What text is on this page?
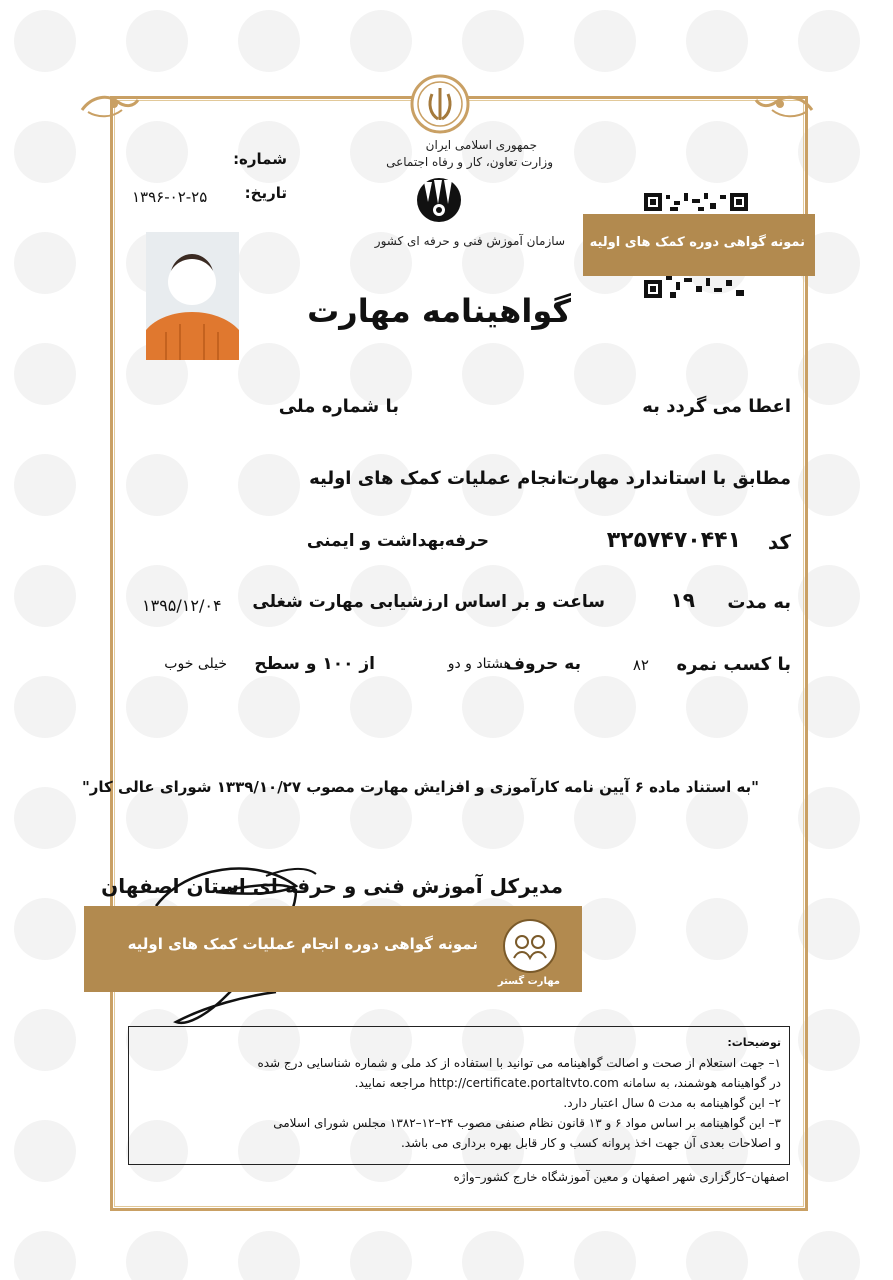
جمهوری اسلامی ایران
وزارت تعاون، کار و رفاه اجتماعی
سازمان آموزش فنی و حرفه ای کشور
شماره:
تاریخ:
۱۳۹۶-۰۲-۲۵
نمونه گواهی دوره کمک های اولیه
گواهینامه مهارت
اعطا می گردد به
با شماره ملی
مطابق با استاندارد مهارت
انجام عملیات کمک های اولیه
کد
۳۲۵۷۴۷۰۴۴۱
حرفه
بهداشت و ایمنی
به مدت
۱۹
ساعت و بر اساس ارزشیابی مهارت شغلی
۱۳۹۵/۱۲/۰۴
با کسب نمره
۸۲
به حروف
هشتاد و دو
از ۱۰۰ و سطح
خیلی خوب
"به استناد ماده ۶ آیین نامه کارآموزی و افزایش مهارت مصوب ۱۳۳۹/۱۰/۲۷ شورای عالی کار"
مدیرکل آموزش فنی و حرفه ای استان اصفهان
مهارت گستر
نمونه گواهی دوره انجام عملیات کمک های اولیه

توضیحات:

۱– جهت استعلام از صحت و اصالت گواهینامه می توانید با استفاده از کد ملی و شماره شناسایی درج شده

در گواهینامه هوشمند، به سامانه http://certificate.portaltvto.com مراجعه نمایید.

۲– این گواهینامه به مدت ۵ سال اعتبار دارد.

۳– این گواهینامه بر اساس مواد ۶ و ۱۳ قانون نظام صنفی مصوب ۲۴–۱۲–۱۳۸۲ مجلس شورای اسلامی

و اصلاحات بعدی آن جهت اخذ پروانه کسب و کار قابل بهره برداری می باشد.

اصفهان–کارگزاری شهر اصفهان و معین آموزشگاه خارج کشور–واژه
